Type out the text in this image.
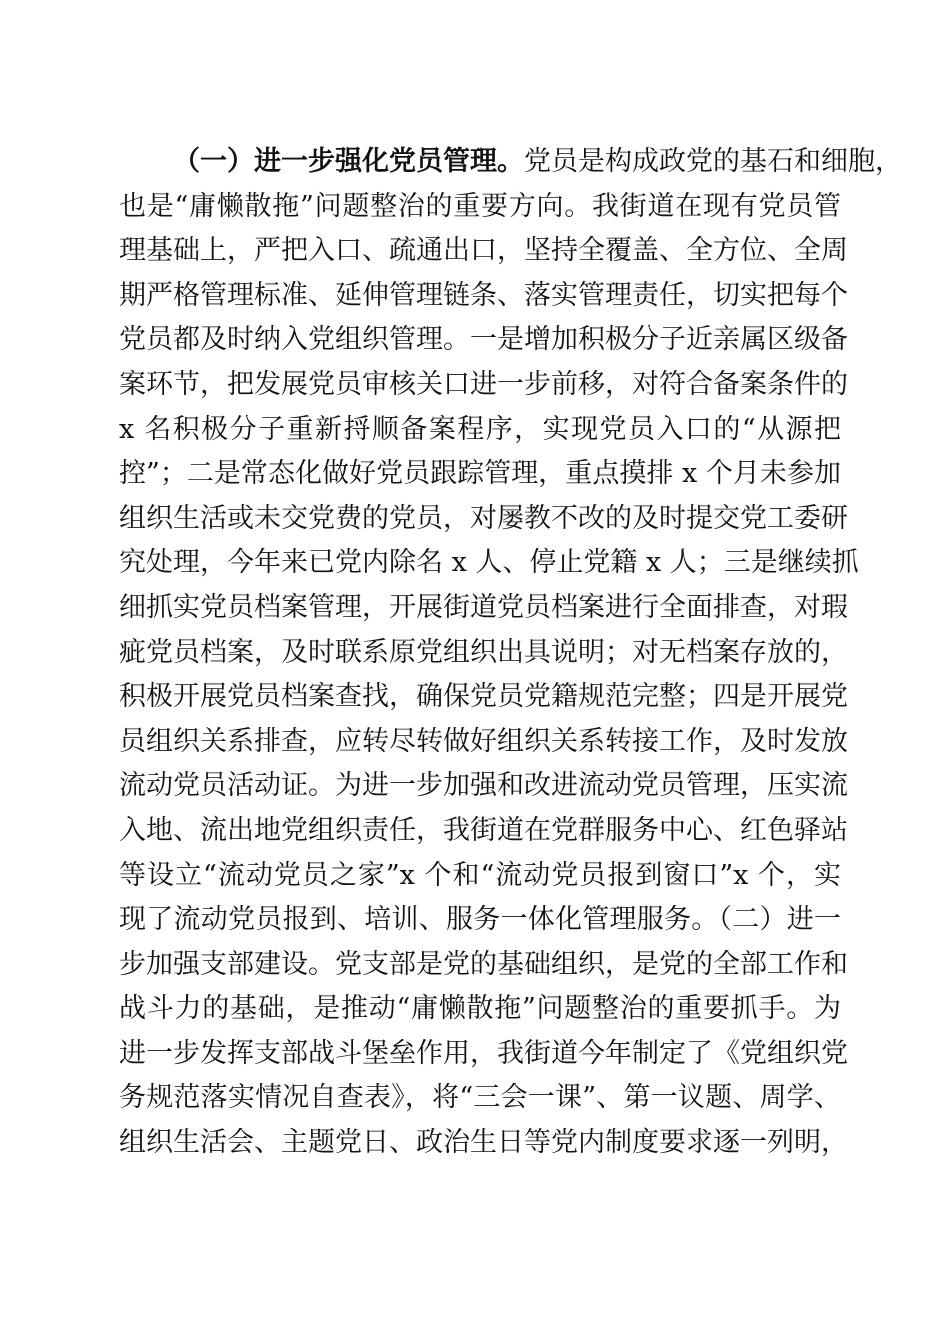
（一）进一步强化党员管理。党员是构成政党的基石和细胞，
也是“庸懒散拖”问题整治的重要方向。我街道在现有党员管
理基础上，严把入口、疏通出口，坚持全覆盖、全方位、全周
期严格管理标准、延伸管理链条、落实管理责任，切实把每个
党员都及时纳入党组织管理。一是增加积极分子近亲属区级备
案环节，把发展党员审核关口进一步前移，对符合备案条件的
x 名积极分子重新捋顺备案程序，实现党员入口的“从源把
控”；二是常态化做好党员跟踪管理，重点摸排 x 个月未参加
组织生活或未交党费的党员，对屡教不改的及时提交党工委研
究处理，今年来已党内除名 x 人、停止党籍 x 人；三是继续抓
细抓实党员档案管理，开展街道党员档案进行全面排查，对瑕
疵党员档案，及时联系原党组织出具说明；对无档案存放的，
积极开展党员档案查找，确保党员党籍规范完整；四是开展党
员组织关系排查，应转尽转做好组织关系转接工作，及时发放
流动党员活动证。为进一步加强和改进流动党员管理，压实流
入地、流出地党组织责任，我街道在党群服务中心、红色驿站
等设立“流动党员之家”x 个和“流动党员报到窗口”x 个，实
现了流动党员报到、培训、服务一体化管理服务。（二）进一
步加强支部建设。党支部是党的基础组织，是党的全部工作和
战斗力的基础，是推动“庸懒散拖”问题整治的重要抓手。为
进一步发挥支部战斗堡垒作用，我街道今年制定了《党组织党
务规范落实情况自查表》，将“三会一课”、第一议题、周学、
组织生活会、主题党日、政治生日等党内制度要求逐一列明，
